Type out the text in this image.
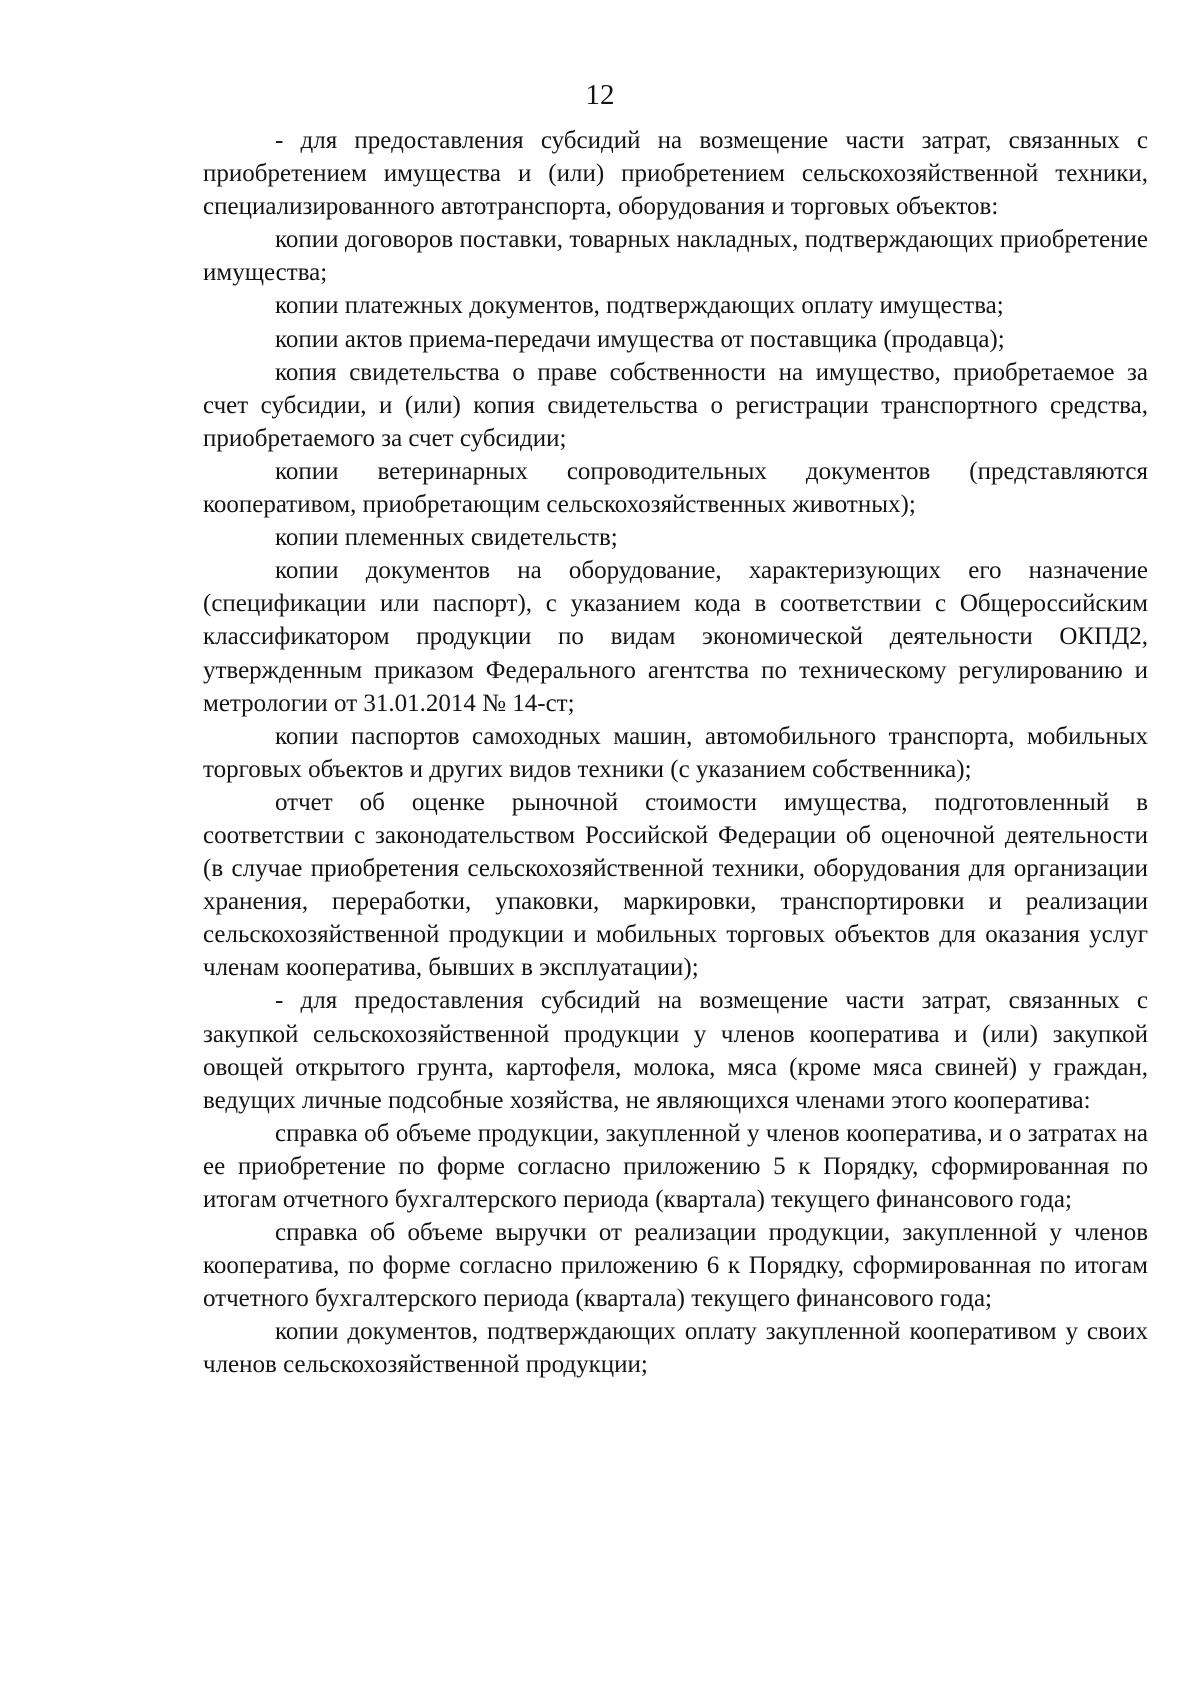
12

- для предоставления субсидий на возмещение части затрат, связанных с приобретением имущества и (или) приобретением сельскохозяйственной техники, специализированного автотранспорта, оборудования и торговых объектов:

копии договоров поставки, товарных накладных, подтверждающих приобретение имущества;

копии платежных документов, подтверждающих оплату имущества;

копии актов приема-передачи имущества от поставщика (продавца);

копия свидетельства о праве собственности на имущество, приобретаемое за счет субсидии, и (или) копия свидетельства о регистрации транспортного средства, приобретаемого за счет субсидии;

копии ветеринарных сопроводительных документов (представляются кооперативом, приобретающим сельскохозяйственных животных);

копии племенных свидетельств;

копии документов на оборудование, характеризующих его назначение (спецификации или паспорт), с указанием кода в соответствии с Общероссийским классификатором продукции по видам экономической деятельности ОКПД2, утвержденным приказом Федерального агентства по техническому регулированию и метрологии от 31.01.2014 № 14-ст;

копии паспортов самоходных машин, автомобильного транспорта, мобильных торговых объектов и других видов техники (с указанием собственника);

отчет об оценке рыночной стоимости имущества, подготовленный в соответствии с законодательством Российской Федерации об оценочной деятельности (в случае приобретения сельскохозяйственной техники, оборудования для организации хранения, переработки, упаковки, маркировки, транспортировки и реализации сельскохозяйственной продукции и мобильных торговых объектов для оказания услуг членам кооператива, бывших в эксплуатации);

- для предоставления субсидий на возмещение части затрат, связанных с закупкой сельскохозяйственной продукции у членов кооператива и (или) закупкой овощей открытого грунта, картофеля, молока, мяса (кроме мяса свиней) у граждан, ведущих личные подсобные хозяйства, не являющихся членами этого кооператива:

справка об объеме продукции, закупленной у членов кооператива, и о затратах на ее приобретение по форме согласно приложению 5 к Порядку, сформированная по итогам отчетного бухгалтерского периода (квартала) текущего финансового года;

справка об объеме выручки от реализации продукции, закупленной у членов кооператива, по форме согласно приложению 6 к Порядку, сформированная по итогам отчетного бухгалтерского периода (квартала) текущего финансового года;

копии документов, подтверждающих оплату закупленной кооперативом у своих членов сельскохозяйственной продукции;
